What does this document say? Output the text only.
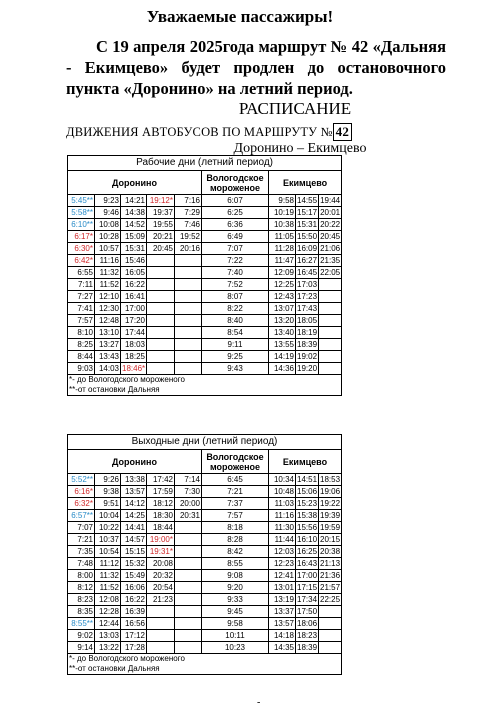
Уважаемые пассажиры!
С 19 апреля 2025года маршрут № 42 «Дальняя - Екимцево» будет продлен до остановочного пункта «Доронино» на летний период.
РАСПИСАНИЕ
ДВИЖЕНИЯ АВТОБУСОВ ПО МАРШРУТУ № 42
Доронино – Екимцево
Рабочие дни (летний период)								
Доронино					Вологодское мороженое	Екимцево		
5:45**	9:23	14:21	19:12*	7:16	6:07	9:58	14:55	19:44
5:58**	9:46	14:38	19:37	7:29	6:25	10:19	15:17	20:01
6:10**	10:08	14:52	19:55	7:46	6:36	10:38	15:31	20:22
6:17*	10:28	15:09	20:21	19:52	6:49	11:05	15:50	20:45
6:30*	10:57	15:31	20:45	20:16	7:07	11:28	16:09	21:06
6:42*	11:16	15:46			7:22	11:47	16:27	21:35
6:55	11:32	16:05			7:40	12:09	16:45	22:05
7:11	11:52	16:22			7:52	12:25	17:03	
7:27	12:10	16:41			8:07	12:43	17:23	
7:41	12:30	17:00			8:22	13:07	17:43	
7:57	12:48	17:20			8:40	13:20	18:05	
8:10	13:10	17:44			8:54	13:40	18:19	
8:25	13:27	18:03			9:11	13:55	18:39	
8:44	13:43	18:25			9:25	14:19	19:02	
9:03	14:03	18:46*			9:43	14:36	19:20	

*- до Вологодского мороженого
**-от остановки Дальняя								
Выходные дни (летний период)								
Доронино					Вологодское мороженое	Екимцево		
5:52**	9:26	13:38	17:42	7:14	6:45	10:34	14:51	18:53
6:16*	9:38	13:57	17:59	7:30	7:21	10:48	15:06	19:06
6:32*	9:51	14:12	18:12	20:00	7:37	11:03	15:23	19:22
6:57**	10:04	14:25	18:30	20:31	7:57	11:16	15:38	19:39
7:07	10:22	14:41	18:44		8:18	11:30	15:56	19:59
7:21	10:37	14:57	19:00*		8:28	11:44	16:10	20:15
7:35	10:54	15:15	19:31*		8:42	12:03	16:25	20:38
7:48	11:12	15:32	20:08		8:55	12:23	16:43	21:13
8:00	11:32	15:49	20:32		9:08	12:41	17:00	21:36
8:12	11:52	16:06	20:54		9:20	13:01	17:15	21:57
8:23	12:08	16:22	21:23		9:33	13:19	17:34	22:25
8:35	12:28	16:39			9:45	13:37	17:50	
8:55**	12:44	16:56			9:58	13:57	18:06	
9:02	13:03	17:12			10:11	14:18	18:23	
9:14	13:22	17:28			10:23	14:35	18:39	

*- до Вологодского мороженого
**-от остановки Дальняя								
-
